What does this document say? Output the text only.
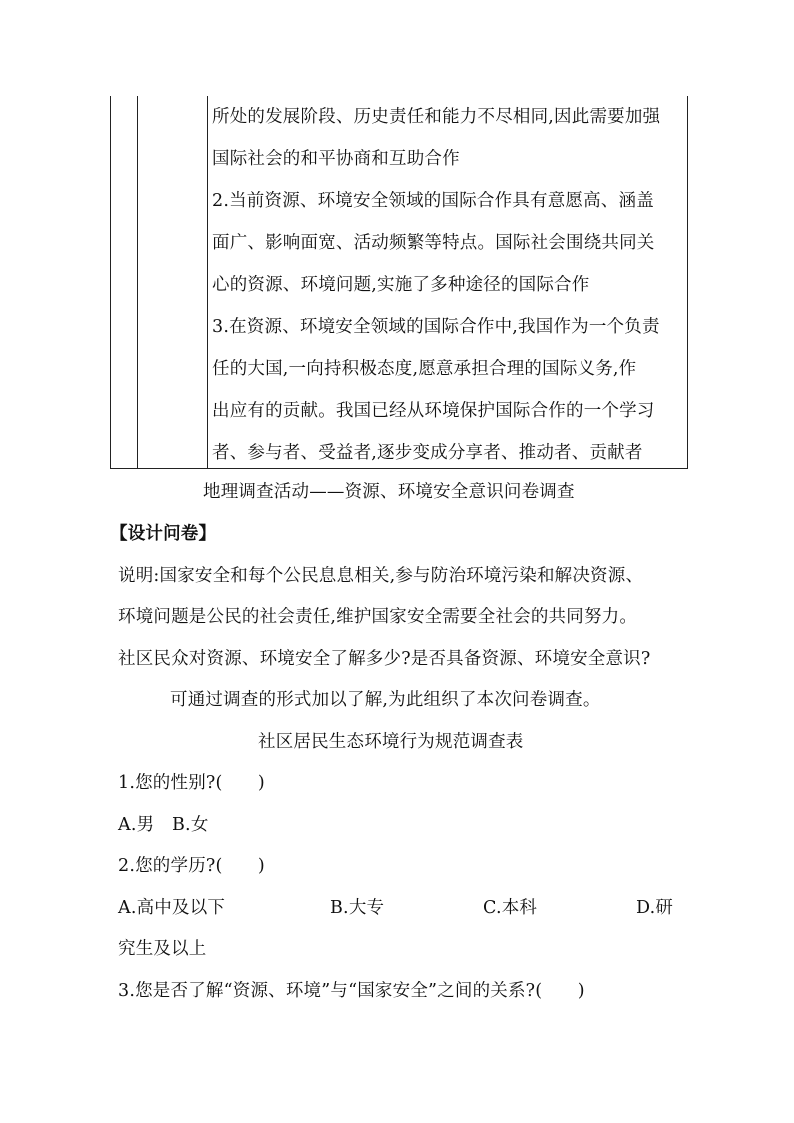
所处的发展阶段、历史责任和能力不尽相同,因此需要加强
国际社会的和平协商和互助合作
2.当前资源、环境安全领域的国际合作具有意愿高、涵盖
面广、影响面宽、活动频繁等特点。国际社会围绕共同关
心的资源、环境问题,实施了多种途径的国际合作
3.在资源、环境安全领域的国际合作中,我国作为一个负责
任的大国,一向持积极态度,愿意承担合理的国际义务,作
出应有的贡献。我国已经从环境保护国际合作的一个学习
者、参与者、受益者,逐步变成分享者、推动者、贡献者
地理调查活动——资源、环境安全意识问卷调查
【设计问卷】
说明:国家安全和每个公民息息相关,参与防治环境污染和解决资源、
环境问题是公民的社会责任,维护国家安全需要全社会的共同努力。
社区民众对资源、环境安全了解多少?是否具备资源、环境安全意识?
可通过调查的形式加以了解,为此组织了本次问卷调查。
社区居民生态环境行为规范调查表
1.您的性别?(　　)
A.男　B.女
2.您的学历?(　　)
A.高中及以下	B.大专	C.本科	D.研
究生及以上
3.您是否了解“资源、环境”与“国家安全”之间的关系?(　　)
